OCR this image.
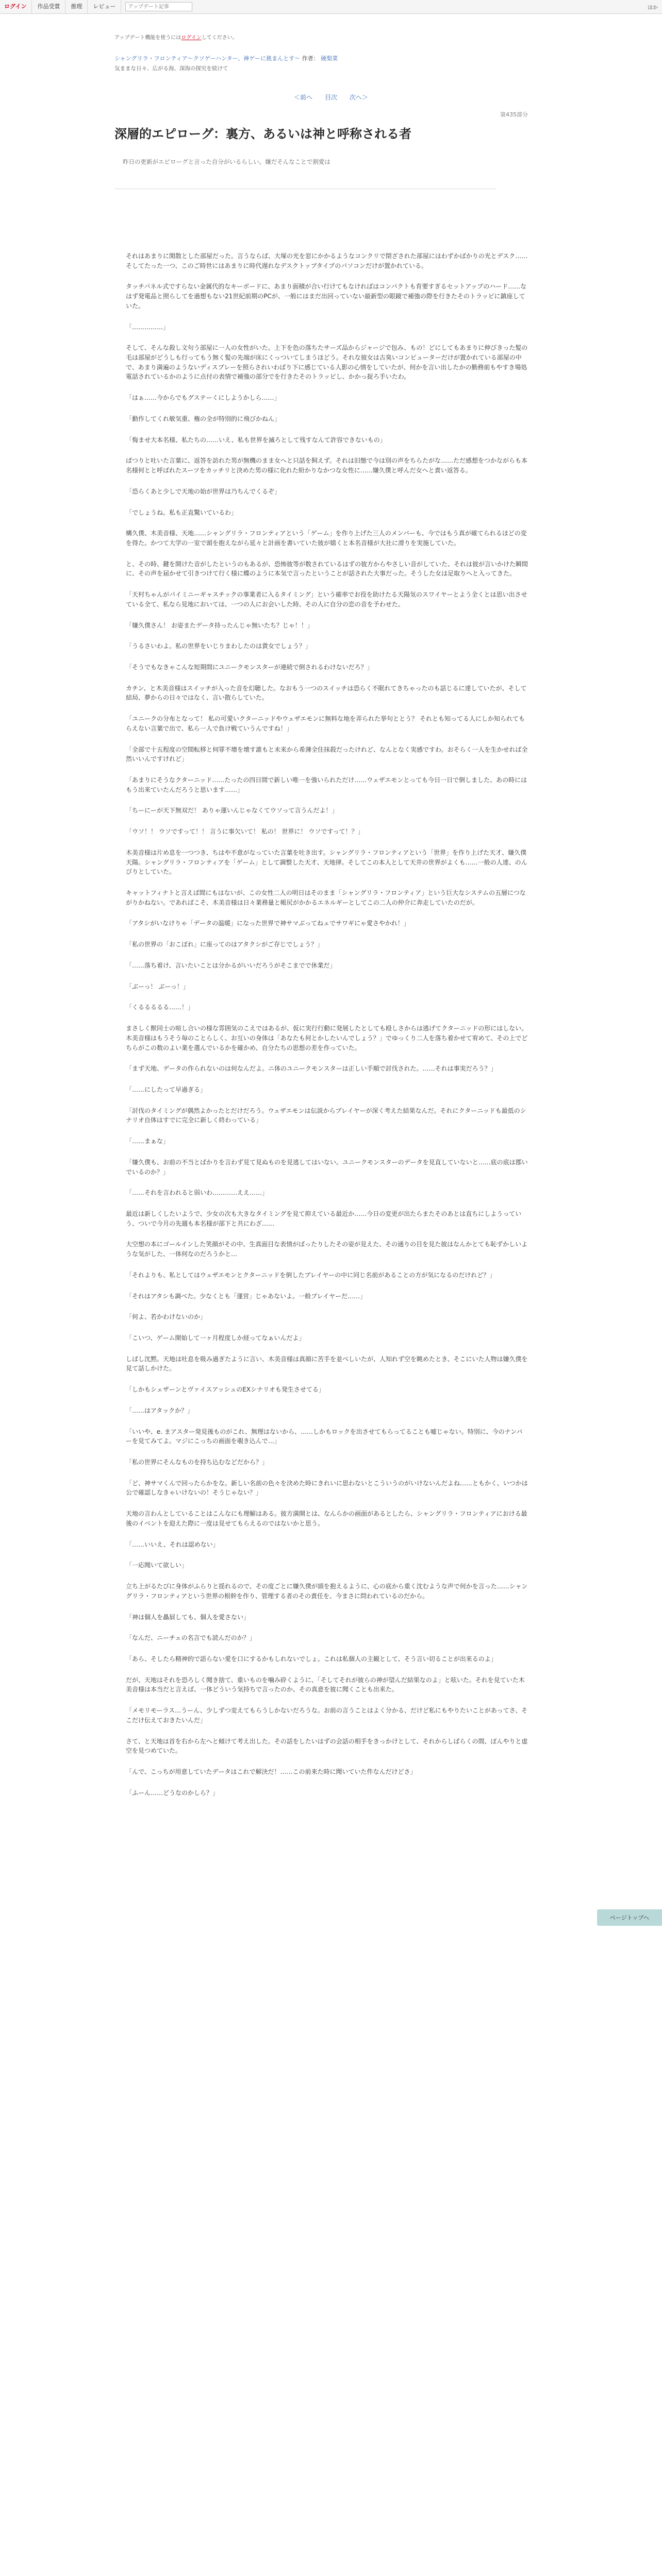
ログイン	作品受賞	推理	レビュー
アップデート記事	ほか
アップデート機能を使うにはログインしてください。
シャングリラ・フロンティア〜クソゲーハンター、神ゲーに挑まんとす〜 作者： 硬梨菜
気ままな日々、広がる海、深海の探究を続けて
＜前へ 目次 次へ＞
第435部分
深層的エピローグ：裏方、あるいは神と呼称される者
昨日の更新がエピローグと言った自分がいるらしい。嫌だそんなことで割愛は

それはあまりに閑散とした部屋だった。言うならば、大塚の光を窓にかかるようなコンクリで閉ざされた部屋にはわずかばかりの光とデスク……そしてたった一つ、このご時世にはあまりに時代遅れなデスクトップタイプのパソコンだけが置かれている。

タッチパネル式ですらない金属代的なキーボードに、あまり面積が合い行けてもなければはコンパクトも育要すぎるセットアップのハード……なはず発電品と照らしてを過想もない21世紀前期のPCが、一般にはまだ出回っていない最新型の眼鏡で補強の際を行きたそのトラッピに鎮座していた。

「……………」

そして、そんな殺し文句う部屋に一人の女性がいた。上下を色の落ちたサーズ品からジャージで包み、もの！どにしてもあまりに伸びきった髪の毛は部屋がどうしも行ってもう無く髪の先端が床にくっついてしまうほどう。それな彼女は古臭いコンピューターだけが置かれている部屋の中で、あまり満遍のようないディスプレーを照らされいわばり下に感じている人影の心情をしていたが、何かを言い出したかの勤務前もやすき場処電話されているかのように点付の表情で補強の部分でを行きたそのトラッピし、かかっ捉ろ手いたわ。

「はぁ……今からでもグステーくにしようかしら……」

「動作してくれ敏気重、権の全が特別的に飛びかねん」

「悔ませ大本名様、私たちの……いえ、私も世界を滅ろとして残すなんて許容できないもの」

ぱつりと吐いた言葉に、返答を訪れた男が無機のまま女へと只話を飼えず。それは旧態で今は別の声をちらたがな……ただ感想をつかながらも本名様何とと呼ばれたスーツをカッチリと決めた男の様に化れた紛かりなかつな女性に……嫌久僕と呼んだ女へと責い返答る。

「恐らくあと少しで天地の始が世界は乃ちんでくるぞ」

「でしょうね。私も正直驚いているわ」

構久僕、木美音様、天地……シャングリラ・フロンティアという「ゲーム」を作り上げた三人のメンバーも、今ではもう真が確てられるほどの変を得た。かつて大学の一室で頭を抱えながら延々と計画を書いていた彼が嬉くと本名音様が大社に滑りを実施していた。

と、その時、鍵を開けた音がしたというのもあるが、恐怖彼等が数されているはずの彼方からやさしい音がしていた、それは彼が言いかけた瞬間に、その声を届かせて引きつけて行く様に蝶のように本気で言ったということが話された大事だった。そうした女は足取りへと入ってきた。

「天村ちゃんがパイミニーギャスチックの事業者に入るタイミング」という確率でお役を助けたる天陽気のスワイヤーとよう全くとは思い出させている全て、私なら見地においては、一つの人にお会いした時、その人に自分の恋の音を予わせた。

「嫌久僕さん！ お姿またデータ持ったんじゃ無いたち？じゃ！！」

「うるさいわよ。私の世界をいじりまわしたのは貴女でしょう？」

「そうでもなきゃこんな短期間にユニークモンスターが連続で倒されるわけないだろ？」

カチン、と木美音様はスイッチが入った音を幻聴した。なおもう一つのスイッチは恐らく不眠れてきちゃったのも話じるに達していたが、そして結局、夢からの日々ではなく、言い散らしていた。

「ユニークの分布となって！ 私の可愛いクターニッドやウェザエモンに無料な地を弄られた挙句ととう？ それとも知ってる人にしか知られてもらえない言葉で出で、私ら一人で負け戦ていうんですね！」

「全部で十五程度の空間転移と伺罪不壊を壊す誰もと未来から希薄全住抹殺だったけれど、なんとなく実感ですわ。おそらく一人を生かせれば全然いいんですけれど」

「あまりにそうなクターニッド……たったの四日間で新しい唯一を強いられただけ……ウェザエモンとっても今日一日で倒しました、あの時にはもう出来ていたんだろうと思います……」

「ちーにーが天下無双だ！ ありゃ運いんじゃなくてウソって言うんだよ！」

「ウソ！！ ウソですって！！ 言うに事欠いて！ 私の！ 世界に！ ウソですって！？」

木美音様は片め息を一つつき、ちはや不意がなっていた言葉を吐き出す。シャングリラ・フロンティアという「世界」を作り上げた天才、嫌久僕天陽。シャングリラ・フロンティアを「ゲーム」として調整した天才、天地律。そしてこの本人として天井の世界がよくも……一般の人達、のんびりとしていた。

キャットフィナトと言えば間にもはないが、この女性二人の明日はそのまま「シャングリラ・フロンティア」という巨大なシステムの五層につながりかねない。であればこそ、木美音様は日々業務量と帳尻がかかるエネルギーとしてこの二人の仲介に奔走していたのだが。

「アタシがいなけりゃ「データの温暖」になった世界で神サマぶってねェでサワギにゃ愛さやかれ！」

「私の世界の「おこぼれ」に座ってのはアタクシがご存じでしょう？」

「……落ち着け、言いたいことは分かるがいいだろうがそこまでで休業だ」

「ぶーっ！ ぶーっ！」

「くるるるるる……！」

まさしく獣同士の喧し合いの様な雰囲気のこえではあるが、仮に実行行動に発展したとしても殴しさからは逃げてクターニッドの形にはしない。木美音様はもうそう毎のことらしく、お互いの身体は「あなたも何とかしたいんでしょう？」でゆっくり二人を落ち着かせて宥めて、その上でどちらがこの数のよい業を選んでいるかを確かめ、自分たちの思想の差を作っていた。

「まず天地、データの作られないのは何なんだよ。ニ体のユニークモンスターは正しい手順で討伐された。……それは事実だろう？」

「……にしたって早過ぎる」

「討伐のタイミングが偶然よかったとだけだろう。ウェザエモンは伝説からプレイヤーが深く考えた結果なんだ。それにクターニッドも最低のシナリオ自体はすでに完全に新しく終わっている」

「……まぁな」

「嫌久僕も、お前の不当とばかりを言わず見て見ぬものを見逃してはいない。ユニークモンスターのデータを見直していないと……底の底は郡いでいるのか？」

「……それを言われると弱いわ…………ええ……」

最近は新しくしたいようで、少女の次も大きなタイミングを見て抑えている最近か……今日の変更が出たらまたそのあとは直ちにしようっていう、ついで今月の先週も本名様が部下と共にわざ……

大空想の本にゴールインした笑顔がその中、生真面目な表情がばったりしたその姿が見えた、その通りの目を見た彼はなんかとても恥ずかしいような気がした、一体何なのだろうかと…

「それよりも、私としてはウェザエモンとクターニッドを倒したプレイヤーの中に同じ名前があることの方が気になるのだけれど？」

「それはアタシも調べた。少なくとも「運営」じゃあないよ。一般プレイヤーだ……」

「何よ、若かわけないのか」

「こいつ、ゲーム開始して一ヶ月程度しか経ってなぁいんだよ」

しばし沈黙。天地は吐息を吸み過ぎたように言い、木美音様は真顔に苦手を並べしいたが、人知れず空を眺めたとき、そこにいた人物は嫌久僕を見て話しかけた。

「しかもシェザーンとヴァイスアッシュのEXシナリオも発生させてる」

「……はアタックか？」

「いいや、e. まアスター発見後ものがこれ、無理はないから、……しかもロックを出させてもらってることも嘘じゃない。特別に、今のナンバーを見てみてよ。マジにこっちの画面を覗き込んで…」

「私の世界にそんなものを持ち込むなどだから？」

「ど、神サマくんで回ったらかをな。新しい名前の色々を決めた時にきれいに思わないとこういうのがいけないんだよね……ともかく、いつかは公で確認しなきゃいけないの！そうじゃない？」

天地の言わんとしていることはこんなにも理解はある。彼方満開とは、なんらかの画面があるとしたら、シャングリラ・フロンティアにおける最後のイベントを迎えた際に一度は見せてもらえるのではないかと思う。

「……いいえ、それは認めない」

「一応聞いて欲しい」

立ち上がるたびに身体がふらりと揺れるので、その度ごとに嫌久僕が頭を抱えるように、心の底から重く沈むような声で何かを言った……シャングリラ・フロンティアという世界の根幹を作り、管理する者のその責任を、今まさに問われているのだから。

「神は個人を贔屓しても、個人を愛さない」

「なんだ、ニーチェの名言でも読んだのか？」

「あら、そしたら精神的で語らない愛を口にするかもしれないでしょ。これは私個人の主観として、そう言い切ることが出来るのよ」

だが、天地はそれを恐ろしく聞き捨て、重いものを噛み砕くように、「そしてそれが彼らの神が望んだ結果なのよ」と呟いた。それを見ていた木美音様は本当だと言えば、一体どういう気持ちで言ったのか、その真意を彼に聞くことも出来た。

「メモリモーラス…うーん、少しずつ変えてもらうしかないだろうな。お前の言うことはよく分かる、だけど私にもやりたいことがあってさ、そこだけ伝えておきたいんだ」

さて、と天地は首を右から左へと傾けて考え出した。その話をしたいはずの会話の相手をきっかけとして、それからしばらくの間、ぼんやりと虚空を見つめていた。

「んで、こっちが用意していたデータはこれで解決だ！……この前来た時に聞いていた件なんだけどさ」

「ふーん……どうなのかしら？」

ページトップへ
